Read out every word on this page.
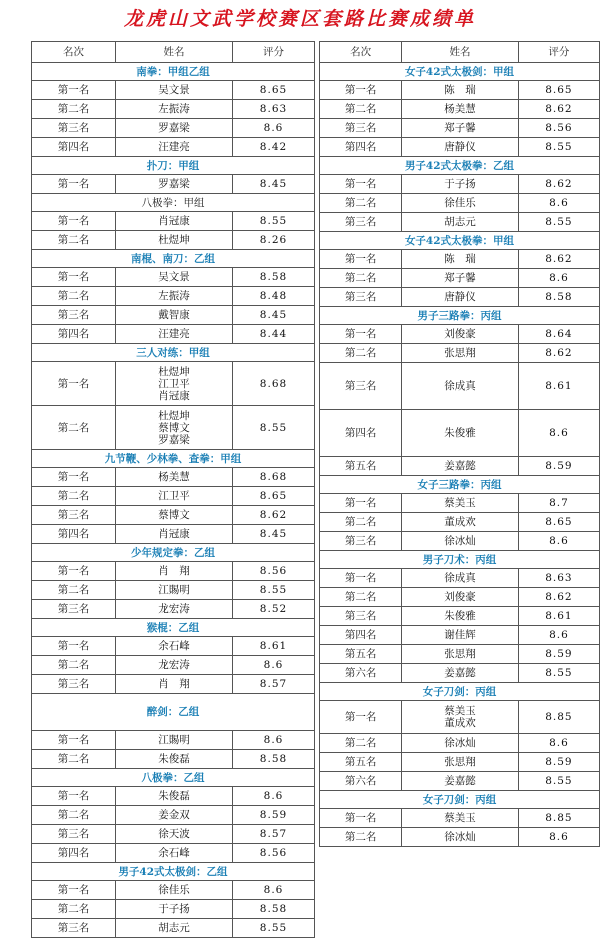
龙虎山文武学校赛区套路比赛成绩单
名次	姓名	评分
南拳：甲组乙组		
第一名	吴文景	8.65
第二名	左振涛	8.63
第三名	罗嘉梁	8.6
第四名	汪建亮	8.42
扑刀：甲组		
第一名	罗嘉梁	8.45
八极拳：甲组		
第一名	肖冠康	8.55
第二名	杜煜坤	8.26
南棍、南刀：乙组		
第一名	吴文景	8.58
第二名	左振涛	8.48
第三名	戴智康	8.45
第四名	汪建亮	8.44
三人对练：甲组		
第一名	杜煜坤
江卫平
肖冠康	8.68
第二名	杜煜坤
蔡博文
罗嘉梁	8.55
九节鞭、少林拳、查拳：甲组		
第一名	杨美慧	8.68
第二名	江卫平	8.65
第三名	蔡博文	8.62
第四名	肖冠康	8.45
少年规定拳：乙组		
第一名	肖　翔	8.56
第二名	江賜明	8.55
第三名	龙宏涛	8.52
猴棍：乙组		
第一名	余石峰	8.61
第二名	龙宏涛	8.6
第三名	肖　翔	8.57
醉剑：乙组		
第一名	江賜明	8.6
第二名	朱俊磊	8.58
八极拳：乙组		
第一名	朱俊磊	8.6
第二名	姜金双	8.59
第三名	徐天波	8.57
第四名	余石峰	8.56
男子42式太极剑：乙组		
第一名	徐佳乐	8.6
第二名	于子扬	8.58
第三名	胡志元	8.55
名次	姓名	评分
女子42式太极剑：甲组		
第一名	陈　瑞	8.65
第二名	杨美慧	8.62
第三名	郑子馨	8.56
第四名	唐静仪	8.55
男子42式太极拳：乙组		
第一名	于子扬	8.62
第二名	徐佳乐	8.6
第三名	胡志元	8.55
女子42式太极拳：甲组		
第一名	陈　瑞	8.62
第二名	郑子馨	8.6
第三名	唐静仪	8.58
男子三路拳：丙组		
第一名	刘俊豪	8.64
第二名	张思翔	8.62
第三名	徐成真	8.61
第四名	朱俊雅	8.6
第五名	姜嘉懿	8.59
女子三路拳：丙组		
第一名	蔡美玉	8.7
第二名	董成欢	8.65
第三名	徐冰灿	8.6
男子刀术：丙组		
第一名	徐成真	8.63
第二名	刘俊豪	8.62
第三名	朱俊雅	8.61
第四名	谢佳辉	8.6
第五名	张思翔	8.59
第六名	姜嘉懿	8.55
女子刀剑：丙组		
第一名	蔡美玉
董成欢	8.85
第二名	徐冰灿	8.6
第五名	张思翔	8.59
第六名	姜嘉懿	8.55
女子刀剑：丙组		
第一名	蔡美玉	8.85
第二名	徐冰灿	8.6
